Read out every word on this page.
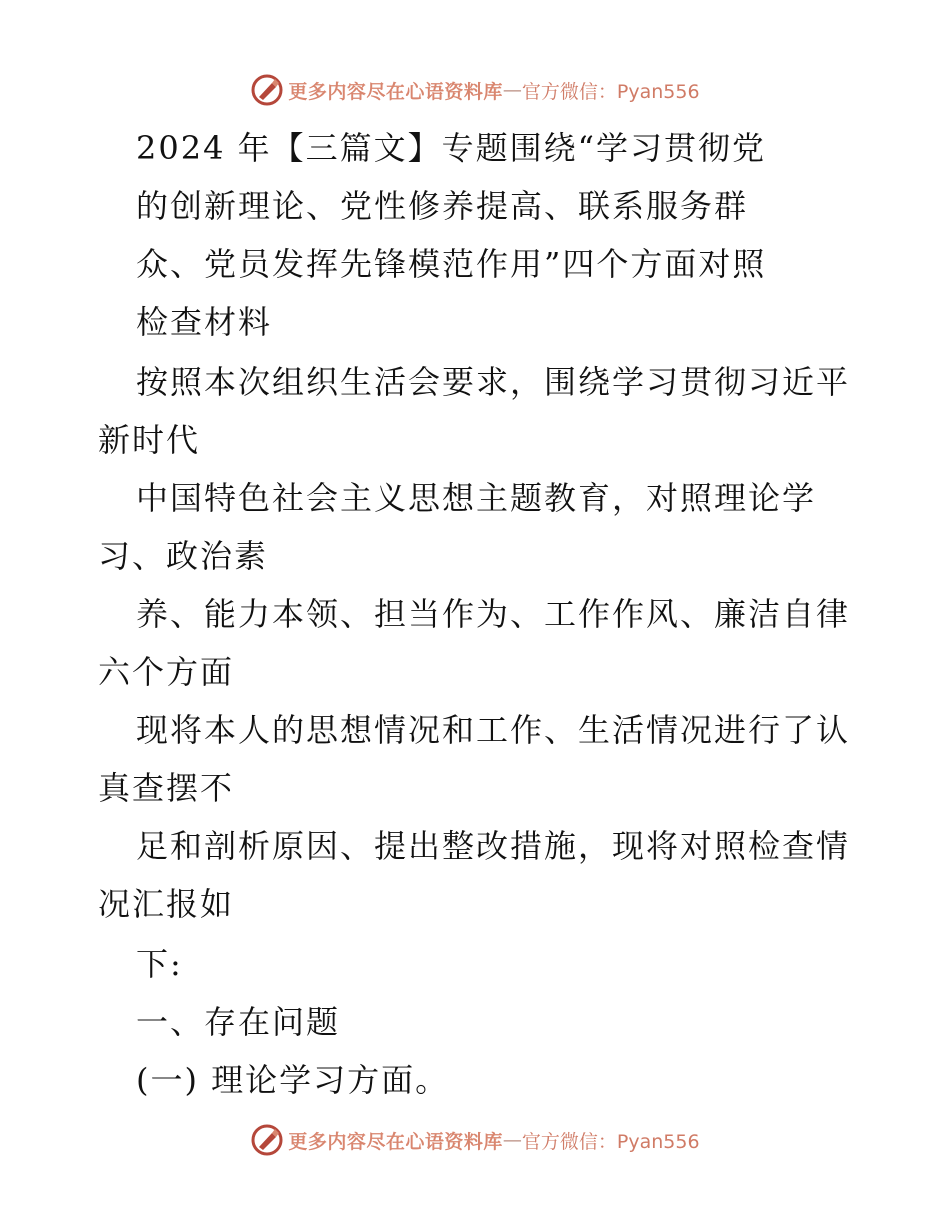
更多内容尽在心语资料库 — 官方微信：Pyan556
2024 年【三篇文】专题围绕“学习贯彻党
的创新理论、党性修养提高、联系服务群
众、党员发挥先锋模范作用”四个方面对照
检查材料
按照本次组织生活会要求，围绕学习贯彻习近平
新时代
中国特色社会主义思想主题教育，对照理论学
习、政治素
养、能力本领、担当作为、工作作风、廉洁自律
六个方面
现将本人的思想情况和工作、生活情况进行了认
真查摆不
足和剖析原因、提出整改措施，现将对照检查情
况汇报如
下:
一、存在问题
(一) 理论学习方面。
更多内容尽在心语资料库 — 官方微信：Pyan556
